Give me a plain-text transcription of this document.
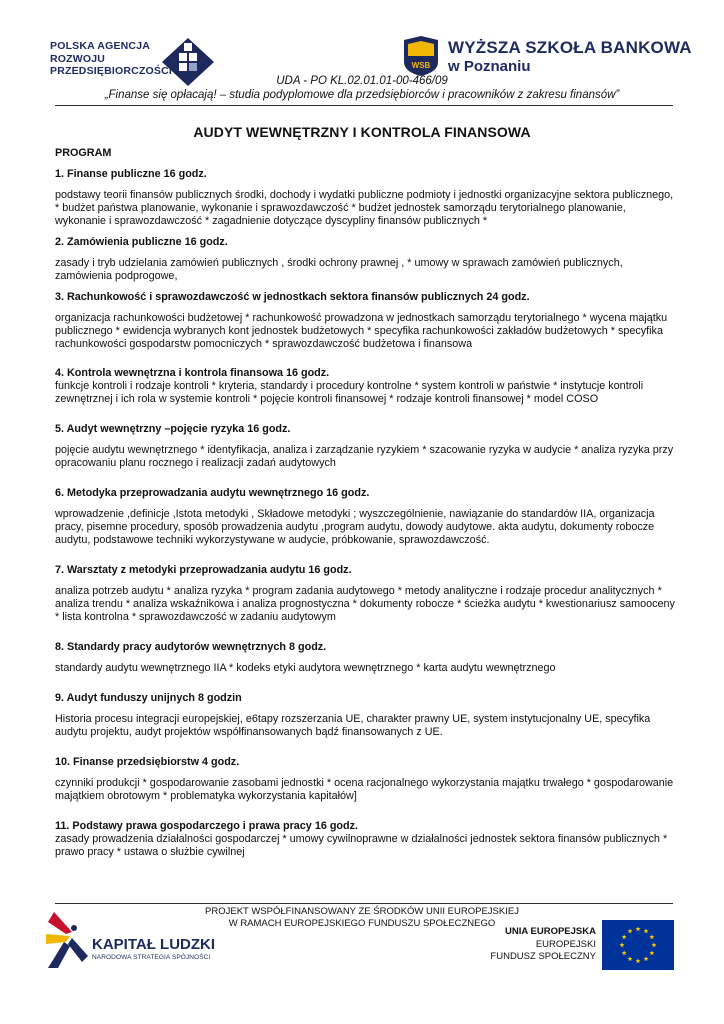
POLSKA AGENCJA
ROZWOJU
PRZEDSIĘBIORCZOŚCI	WSB
WYŻSZA SZKOŁA BANKOWA
w Poznaniu
UDA - PO KL.02.01.01-00-466/09
„Finanse się opłacają! – studia podyplomowe dla przedsiębiorców i pracowników z zakresu finansów”
AUDYT WEWNĘTRZNY I KONTROLA FINANSOWA

PROGRAM

1. Finanse publiczne 16 godz.

podstawy teorii finansów publicznych środki, dochody i wydatki publiczne podmioty i jednostki organizacyjne sektora publicznego, * budżet państwa planowanie, wykonanie i sprawozdawczość * budżet jednostek samorządu terytorialnego planowanie, wykonanie i sprawozdawczość * zagadnienie dotyczące dyscypliny finansów publicznych *

2. Zamówienia publiczne 16 godz.

zasady i tryb udzielania zamówień publicznych , środki ochrony prawnej , * umowy w sprawach zamówień publicznych, zamówienia podprogowe,

3. Rachunkowość i sprawozdawczość w jednostkach sektora finansów publicznych 24 godz.

organizacja rachunkowości budżetowej * rachunkowość prowadzona w jednostkach samorządu terytorialnego * wycena majątku publicznego * ewidencja wybranych kont jednostek budżetowych * specyfika rachunkowości zakładów budżetowych * specyfika rachunkowości gospodarstw pomocniczych * sprawozdawczość budżetowa i finansowa

4. Kontrola wewnętrzna i kontrola finansowa 16 godz.

funkcje kontroli i rodzaje kontroli * kryteria, standardy i procedury kontrolne * system kontroli w państwie * instytucje kontroli zewnętrznej i ich rola w systemie kontroli * pojęcie kontroli finansowej * rodzaje kontroli finansowej * model COSO

5. Audyt wewnętrzny –pojęcie ryzyka 16 godz.

pojęcie audytu wewnętrznego * identyfikacja, analiza i zarządzanie ryzykiem * szacowanie ryzyka w audycie * analiza ryzyka przy opracowaniu planu rocznego i realizacji zadań audytowych

6. Metodyka przeprowadzania audytu wewnętrznego 16 godz.

wprowadzenie ,definicje ,Istota metodyki , Składowe metodyki ; wyszczególnienie, nawiązanie do standardów IIA, organizacja pracy, pisemne procedury, sposób prowadzenia audytu ,program audytu, dowody audytowe. akta audytu, dokumenty robocze audytu, podstawowe techniki wykorzystywane w audycie, próbkowanie, sprawozdawczość.

7. Warsztaty z metodyki przeprowadzania audytu 16 godz.

analiza potrzeb audytu * analiza ryzyka * program zadania audytowego * metody analityczne i rodzaje procedur analitycznych * analiza trendu * analiza wskaźnikowa i analiza prognostyczna * dokumenty robocze * ścieżka audytu * kwestionariusz samooceny * lista kontrolna * sprawozdawczość w zadaniu audytowym

8. Standardy pracy audytorów wewnętrznych 8 godz.

standardy audytu wewnętrznego IIA * kodeks etyki audytora wewnętrznego * karta audytu wewnętrznego

9. Audyt funduszy unijnych 8 godzin

Historia procesu integracji europejskiej, e6tapy rozszerzania UE, charakter prawny UE, system instytucjonalny UE, specyfika audytu projektu, audyt projektów współfinansowanych bądź finansowanych z UE.

10. Finanse przedsiębiorstw 4 godz.

czynniki produkcji * gospodarowanie zasobami jednostki * ocena racjonalnego wykorzystania majątku trwałego * gospodarowanie majątkiem obrotowym * problematyka wykorzystania kapitałów]

11. Podstawy prawa gospodarczego i prawa pracy 16 godz.

zasady prowadzenia działalności gospodarczej * umowy cywilnoprawne w działalności jednostek sektora finansów publicznych * prawo pracy * ustawa o służbie cywilnej

PROJEKT WSPÓŁFINANSOWANY ZE ŚRODKÓW UNII EUROPEJSKIEJ
W RAMACH EUROPEJSKIEGO FUNDUSZU SPOŁECZNEGO
KAPITAŁ LUDZKI
NARODOWA STRATEGIA SPÓJNOŚCI
UNIA EUROPEJSKA
EUROPEJSKI
FUNDUSZ SPOŁECZNY
